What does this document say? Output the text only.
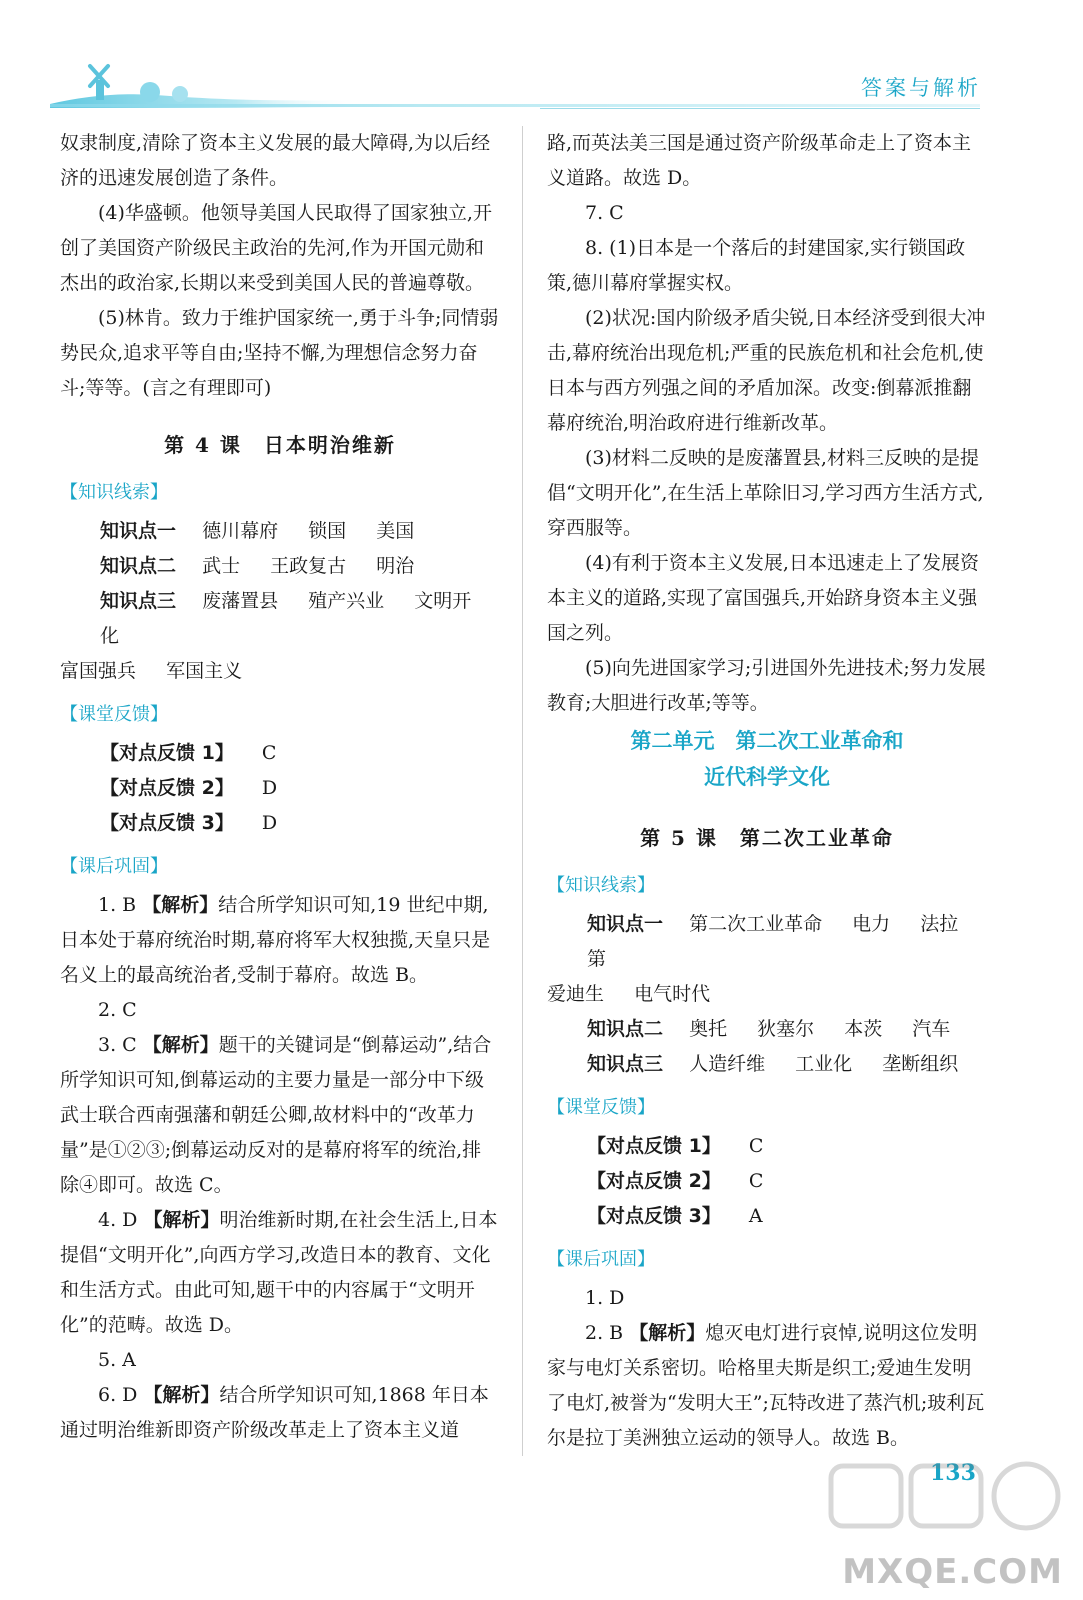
答案与解析

奴隶制度,清除了资本主义发展的最大障碍,为以后经济的迅速发展创造了条件。

(4)华盛顿。他领导美国人民取得了国家独立,开创了美国资产阶级民主政治的先河,作为开国元勋和杰出的政治家,长期以来受到美国人民的普遍尊敬。

(5)林肯。致力于维护国家统一,勇于斗争;同情弱势民众,追求平等自由;坚持不懈,为理想信念努力奋斗;等等。(言之有理即可)

第 4 课　日本明治维新
【知识线索】
知识点一 德川幕府 锁国 美国
知识点二 武士 王政复古 明治
知识点三 废藩置县 殖产兴业 文明开化
富国强兵 军国主义
【课堂反馈】
【对点反馈 1】 C
【对点反馈 2】 D
【对点反馈 3】 D
【课后巩固】

1. B 【解析】结合所学知识可知,19 世纪中期,日本处于幕府统治时期,幕府将军大权独揽,天皇只是名义上的最高统治者,受制于幕府。故选 B。

2. C

3. C 【解析】题干的关键词是“倒幕运动”,结合所学知识可知,倒幕运动的主要力量是一部分中下级武士联合西南强藩和朝廷公卿,故材料中的“改革力量”是①②③;倒幕运动反对的是幕府将军的统治,排除④即可。故选 C。

4. D 【解析】明治维新时期,在社会生活上,日本提倡“文明开化”,向西方学习,改造日本的教育、文化和生活方式。由此可知,题干中的内容属于“文明开化”的范畴。故选 D。

5. A

6. D 【解析】结合所学知识可知,1868 年日本通过明治维新即资产阶级改革走上了资本主义道

路,而英法美三国是通过资产阶级革命走上了资本主义道路。故选 D。

7. C

8. (1)日本是一个落后的封建国家,实行锁国政策,德川幕府掌握实权。

(2)状况:国内阶级矛盾尖锐,日本经济受到很大冲击,幕府统治出现危机;严重的民族危机和社会危机,使日本与西方列强之间的矛盾加深。改变:倒幕派推翻幕府统治,明治政府进行维新改革。

(3)材料二反映的是废藩置县,材料三反映的是提倡“文明开化”,在生活上革除旧习,学习西方生活方式,穿西服等。

(4)有利于资本主义发展,日本迅速走上了发展资本主义的道路,实现了富国强兵,开始跻身资本主义强国之列。

(5)向先进国家学习;引进国外先进技术;努力发展教育;大胆进行改革;等等。

第二单元　第二次工业革命和
近代科学文化
第 5 课　第二次工业革命
【知识线索】
知识点一 第二次工业革命 电力 法拉第
爱迪生 电气时代
知识点二 奥托 狄塞尔 本茨 汽车
知识点三 人造纤维 工业化 垄断组织
【课堂反馈】
【对点反馈 1】 C
【对点反馈 2】 C
【对点反馈 3】 A
【课后巩固】

1. D

2. B 【解析】熄灭电灯进行哀悼,说明这位发明家与电灯关系密切。哈格里夫斯是织工;爱迪生发明了电灯,被誉为“发明大王”;瓦特改进了蒸汽机;玻利瓦尔是拉丁美洲独立运动的领导人。故选 B。

133
MXQE.COM
